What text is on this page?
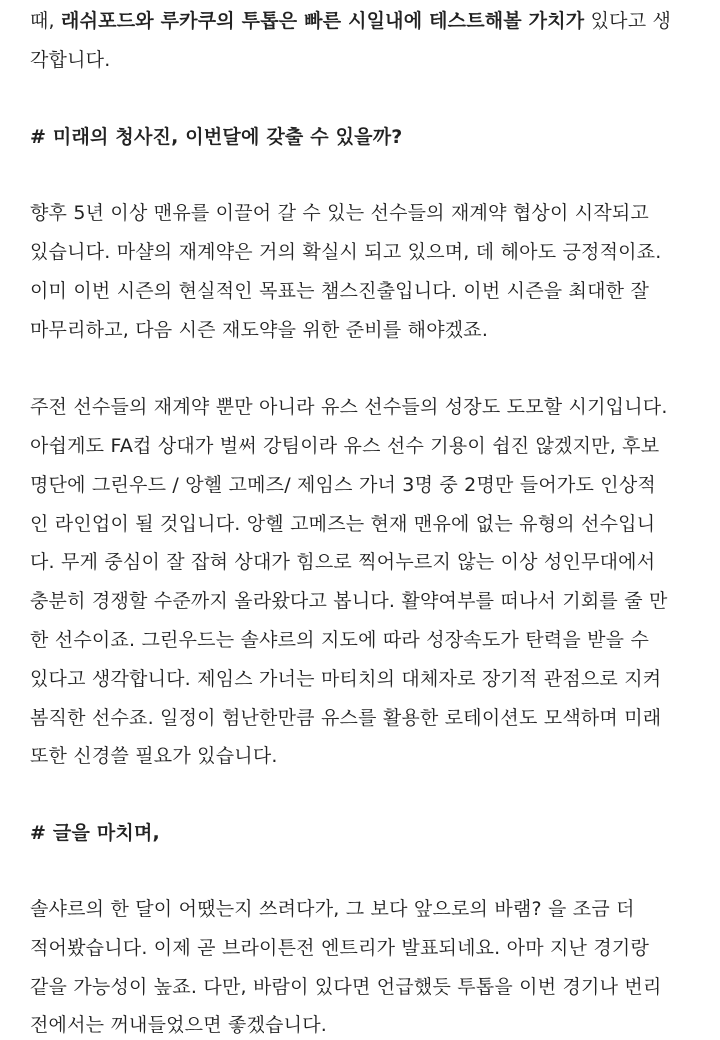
때, 래쉬포드와 루카쿠의 투톱은 빠른 시일내에 테스트해볼 가치가 있다고 생
각합니다.
# 미래의 청사진, 이번달에 갖출 수 있을까?
향후 5년 이상 맨유를 이끌어 갈 수 있는 선수들의 재계약 협상이 시작되고
있습니다. 마샬의 재계약은 거의 확실시 되고 있으며, 데 헤아도 긍정적이죠.
이미 이번 시즌의 현실적인 목표는 챔스진출입니다. 이번 시즌을 최대한 잘
마무리하고, 다음 시즌 재도약을 위한 준비를 해야겠죠.
주전 선수들의 재계약 뿐만 아니라 유스 선수들의 성장도 도모할 시기입니다.
아쉽게도 FA컵 상대가 벌써 강팀이라 유스 선수 기용이 쉽진 않겠지만, 후보
명단에 그린우드 / 앙헬 고메즈/ 제임스 가너 3명 중 2명만 들어가도 인상적
인 라인업이 될 것입니다. 앙헬 고메즈는 현재 맨유에 없는 유형의 선수입니
다. 무게 중심이 잘 잡혀 상대가 힘으로 찍어누르지 않는 이상 성인무대에서
충분히 경쟁할 수준까지 올라왔다고 봅니다. 활약여부를 떠나서 기회를 줄 만
한 선수이죠. 그린우드는 솔샤르의 지도에 따라 성장속도가 탄력을 받을 수
있다고 생각합니다. 제임스 가너는 마티치의 대체자로 장기적 관점으로 지켜
봄직한 선수죠. 일정이 험난한만큼 유스를 활용한 로테이션도 모색하며 미래
또한 신경쓸 필요가 있습니다.
# 글을 마치며,
솔샤르의 한 달이 어땠는지 쓰려다가, 그 보다 앞으로의 바램? 을 조금 더
적어봤습니다. 이제 곧 브라이튼전 엔트리가 발표되네요. 아마 지난 경기랑
같을 가능성이 높죠. 다만, 바람이 있다면 언급했듯 투톱을 이번 경기나 번리
전에서는 꺼내들었으면 좋겠습니다.
